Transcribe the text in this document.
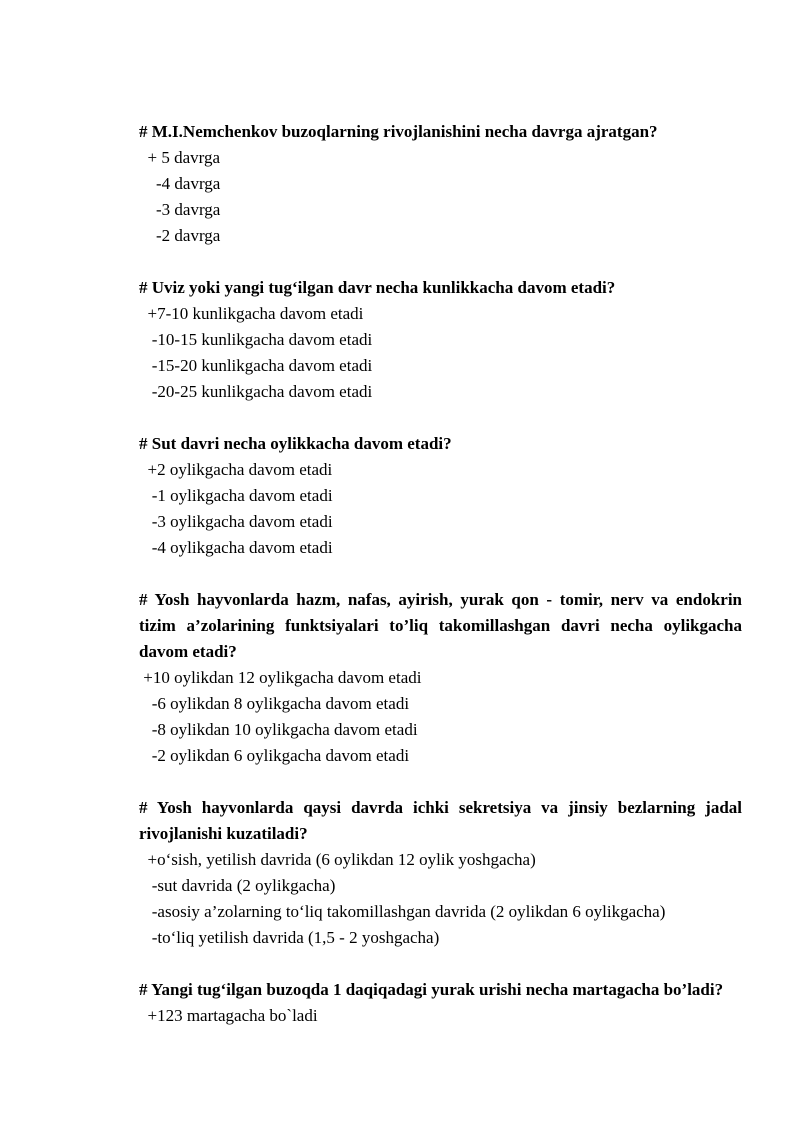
# M.I.Nemchenkov buzoqlarning rivojlanishini necha davrga ajratgan?

+ 5 davrga

-4 davrga

-3 davrga

-2 davrga

# Uviz yoki yangi tug‘ilgan davr necha kunlikkacha davom etadi?

+7-10 kunlikgacha davom etadi

-10-15 kunlikgacha davom etadi

-15-20 kunlikgacha davom etadi

-20-25 kunlikgacha davom etadi

# Sut davri necha oylikkacha davom etadi?

+2 oylikgacha davom etadi

-1 oylikgacha davom etadi

-3 oylikgacha davom etadi

-4 oylikgacha davom etadi

# Yosh hayvonlarda hazm, nafas, ayirish, yurak qon - tomir, nerv va endokrin tizim a’zolarining funktsiyalari to’liq takomillashgan davri necha oylikgacha davom etadi?

+10 oylikdan 12 oylikgacha davom etadi

-6 oylikdan 8 oylikgacha davom etadi

-8 oylikdan 10 oylikgacha davom etadi

-2 oylikdan 6 oylikgacha davom etadi

# Yosh hayvonlarda qaysi davrda ichki sekretsiya va jinsiy bezlarning jadal rivojlanishi kuzatiladi?

+o‘sish, yetilish davrida (6 oylikdan 12 oylik yoshgacha)

-sut davrida (2 oylikgacha)

-asosiy a’zolarning to‘liq takomillashgan davrida (2 oylikdan 6 oylikgacha)

-to‘liq yetilish davrida (1,5 - 2 yoshgacha)

# Yangi tug‘ilgan buzoqda 1 daqiqadagi yurak urishi necha martagacha bo’ladi?

+123 martagacha bo`ladi
